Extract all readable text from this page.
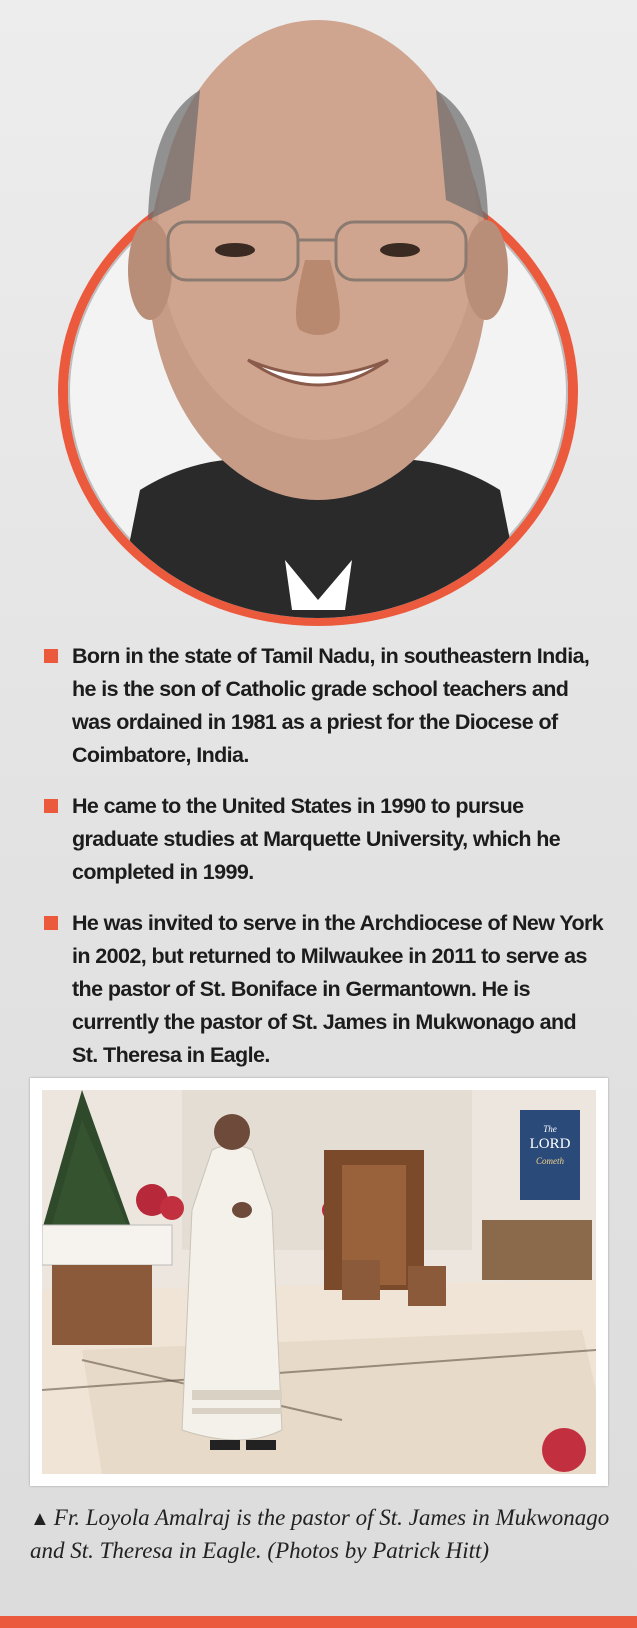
Born in the state of Tamil Nadu, in southeastern India, he is the son of Catholic grade school teachers and was ordained in 1981 as a priest for the Diocese of Coimbatore, India.
He came to the United States in 1990 to pursue graduate studies at Marquette University, which he completed in 1999.
He was invited to serve in the Archdiocese of New York in 2002, but returned to Milwaukee in 2011 to serve as the pastor of St. Boniface in Germantown. He is currently the pastor of St. James in Mukwonago and St. Theresa in Eagle.
The
LORD
Cometh

▲ Fr. Loyola Amalraj is the pastor of St. James in Mukwonago and St. Theresa in Eagle. (Photos by Patrick Hitt)
